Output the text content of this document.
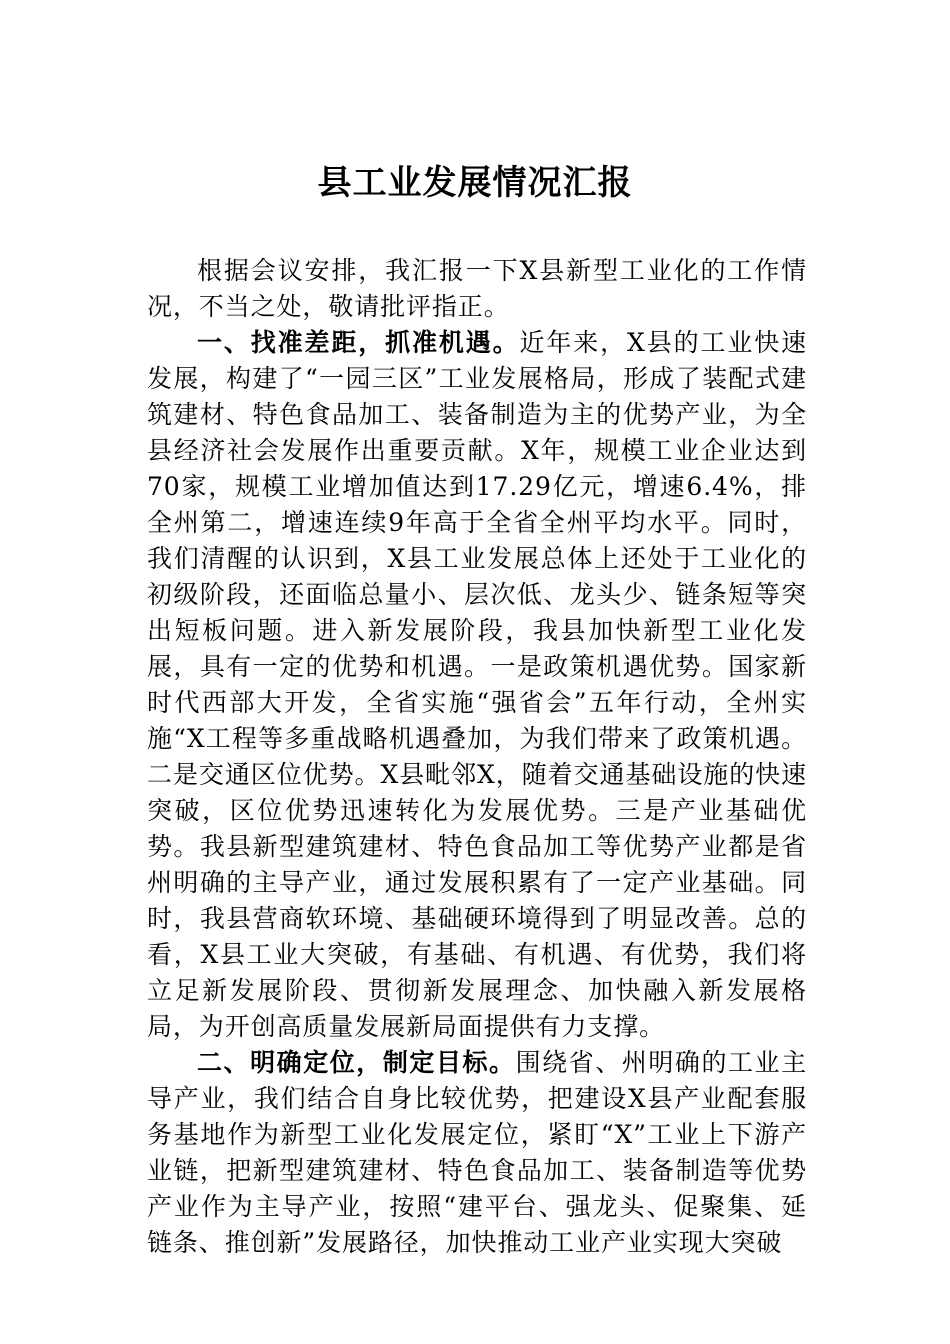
县工业发展情况汇报

根据会议安排，我汇报一下X县新型工业化的工作情况，不当之处，敬请批评指正。

一、找准差距，抓准机遇。近年来，X县的工业快速发展，构建了“一园三区”工业发展格局，形成了装配式建筑建材、特色食品加工、装备制造为主的优势产业，为全县经济社会发展作出重要贡献。X年，规模工业企业达到70家，规模工业增加值达到17.29亿元，增速6.4%，排全州第二，增速连续9年高于全省全州平均水平。同时，我们清醒的认识到，X县工业发展总体上还处于工业化的初级阶段，还面临总量小、层次低、龙头少、链条短等突出短板问题。进入新发展阶段，我县加快新型工业化发展，具有一定的优势和机遇。一是政策机遇优势。国家新时代西部大开发，全省实施“强省会”五年行动，全州实施“X工程等多重战略机遇叠加，为我们带来了政策机遇。二是交通区位优势。X县毗邻X，随着交通基础设施的快速突破，区位优势迅速转化为发展优势。三是产业基础优势。我县新型建筑建材、特色食品加工等优势产业都是省州明确的主导产业，通过发展积累有了一定产业基础。同时，我县营商软环境、基础硬环境得到了明显改善。总的看，X县工业大突破，有基础、有机遇、有优势，我们将立足新发展阶段、贯彻新发展理念、加快融入新发展格局，为开创高质量发展新局面提供有力支撑。

二、明确定位，制定目标。围绕省、州明确的工业主导产业，我们结合自身比较优势，把建设X县产业配套服务基地作为新型工业化发展定位，紧盯“X”工业上下游产业链，把新型建筑建材、特色食品加工、装备制造等优势产业作为主导产业，按照“建平台、强龙头、促聚集、延链条、推创新”发展路径，加快推动工业产业实现大突破
